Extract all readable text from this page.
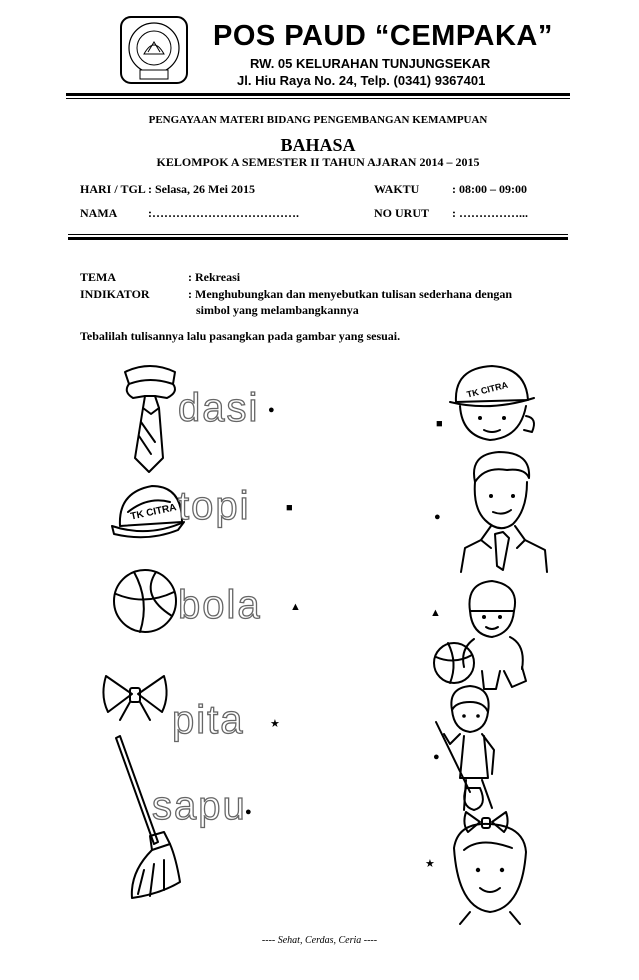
POS PAUD “CEMPAKA”
RW. 05 KELURAHAN TUNJUNGSEKAR
Jl. Hiu Raya No. 24, Telp. (0341) 9367401
PENGAYAAN MATERI BIDANG PENGEMBANGAN KEMAMPUAN
BAHASA
KELOMPOK A SEMESTER II TAHUN AJARAN 2014 – 2015
HARI / TGL : Selasa, 26 Mei 2015	WAKTU	: 08:00 – 09:00
NAMA	:……………………………….	NO URUT : ……………...
TEMA	: Rekreasi
INDIKATOR	: Menghubungkan dan menyebutkan tulisan sederhana dengan
simbol yang melambangkannya
Tebalilah tulisannya lalu pasangkan pada gambar yang sesuai.
TK CITRA
dasi
topi
bola
pita
sapu
●
■
▲
★
●
■
●
▲
●
★
TK CITRA
---- Sehat, Cerdas, Ceria ----
